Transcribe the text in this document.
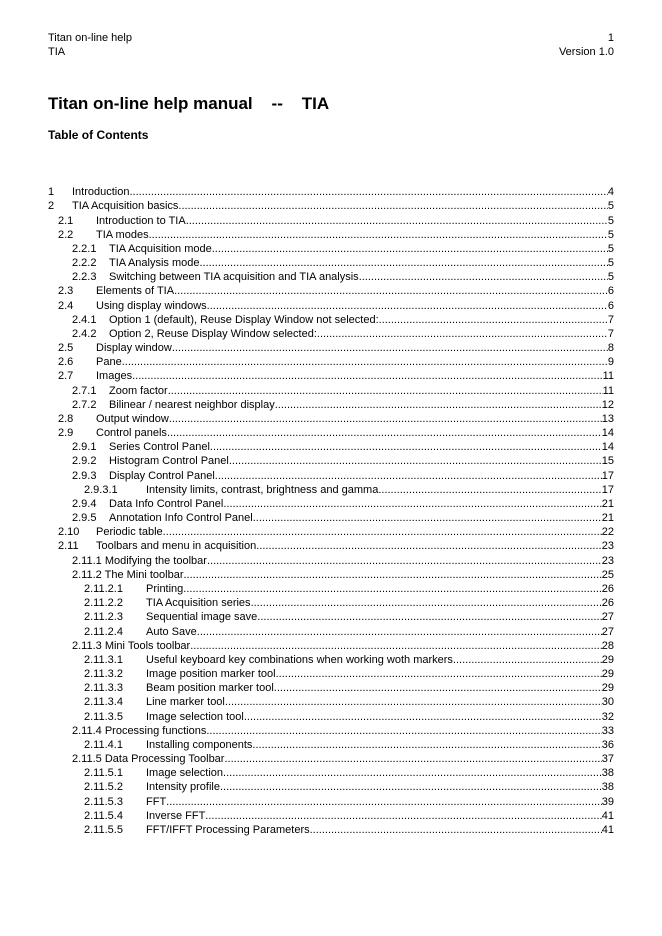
Titan on-line help	1
TIA	Version 1.0
Titan on-line help manual    --    TIA
Table of Contents
1	Introduction .....	4
2	TIA Acquisition basics .....	5
2.1	Introduction to TIA .....	5
2.2	TIA modes .....	5
2.2.1	TIA Acquisition mode .....	5
2.2.2	TIA Analysis mode .....	5
2.2.3	Switching between TIA acquisition and TIA analysis .....	5
2.3	Elements of TIA .....	6
2.4	Using display windows .....	6
2.4.1	Option 1 (default), Reuse Display Window not selected: .....	7
2.4.2	Option 2, Reuse Display Window selected: .....	7
2.5	Display window .....	8
2.6	Pane .....	9
2.7	Images .....	11
2.7.1	Zoom factor .....	11
2.7.2	Bilinear / nearest neighbor display .....	12
2.8	Output window .....	13
2.9	Control panels .....	14
2.9.1	Series Control Panel .....	14
2.9.2	Histogram Control Panel .....	15
2.9.3	Display Control Panel .....	17
2.9.3.1	Intensity limits, contrast, brightness and gamma .....	17
2.9.4	Data Info Control Panel .....	21
2.9.5	Annotation Info Control Panel .....	21
2.10	Periodic table .....	22
2.11	Toolbars and menu in acquisition .....	23
2.11.1 Modifying the toolbar .....	23
2.11.2 The Mini toolbar .....	25
2.11.2.1	Printing .....	26
2.11.2.2	TIA Acquisition series .....	26
2.11.2.3	Sequential image save .....	27
2.11.2.4	Auto Save .....	27
2.11.3 Mini Tools toolbar .....	28
2.11.3.1	Useful keyboard key combinations when working woth markers .....	29
2.11.3.2	Image position marker tool .....	29
2.11.3.3	Beam position marker tool .....	29
2.11.3.4	Line marker tool .....	30
2.11.3.5	Image selection tool .....	32
2.11.4 Processing functions .....	33
2.11.4.1	Installing components .....	36
2.11.5 Data Processing Toolbar .....	37
2.11.5.1	Image selection .....	38
2.11.5.2	Intensity profile .....	38
2.11.5.3	FFT .....	39
2.11.5.4	Inverse FFT .....	41
2.11.5.5	FFT/IFFT Processing Parameters .....	41
